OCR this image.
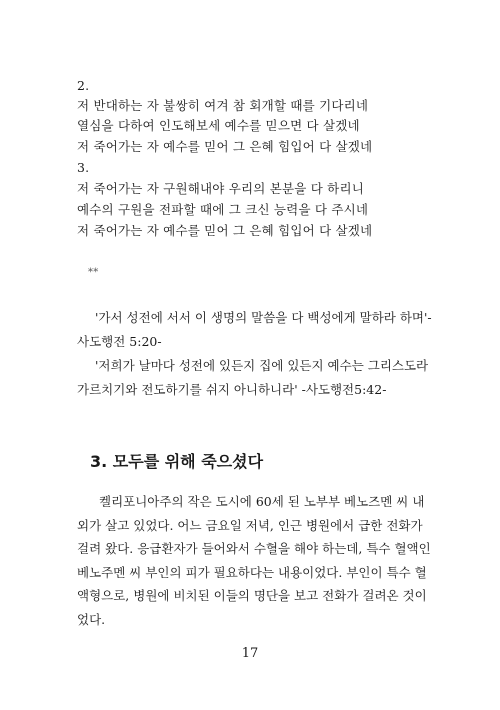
2.
저 반대하는 자 불쌍히 여겨 참 회개할 때를 기다리네
열심을 다하여 인도해보세 예수를 믿으면 다 살겠네
저 죽어가는 자 예수를 믿어 그 은혜 힘입어 다 살겠네
3.
저 죽어가는 자 구원해내야 우리의 본분을 다 하리니
예수의 구원을 전파할 때에 그 크신 능력을 다 주시네
저 죽어가는 자 예수를 믿어 그 은혜 힘입어 다 살겠네
**

'가서 성전에 서서 이 생명의 말씀을 다 백성에게 말하라 하며'- 사도행전 5:20-

'저희가 날마다 성전에 있든지 집에 있든지 예수는 그리스도라 가르치기와 전도하기를 쉬지 아니하니라' -사도행전5:42-

3. 모두를 위해 죽으셨다

켈리포니아주의 작은 도시에 60세 된 노부부 베노즈멘 씨 내외가 살고 있었다. 어느 금요일 저녁, 인근 병원에서 급한 전화가 걸려 왔다. 응급환자가 들어와서 수혈을 해야 하는데, 특수 혈액인 베노주멘 씨 부인의 피가 필요하다는 내용이었다. 부인이 특수 혈액형으로, 병원에 비치된 이들의 명단을 보고 전화가 걸려온 것이었다.

17
